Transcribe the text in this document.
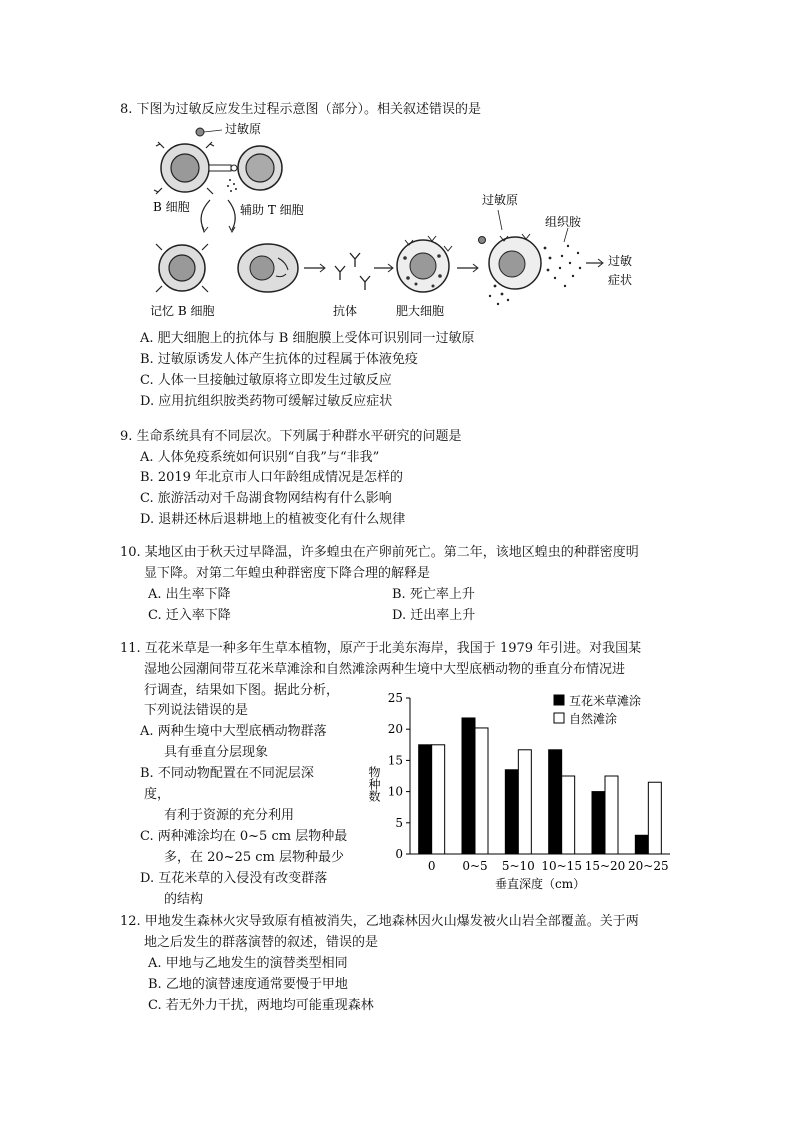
8. 下图为过敏反应发生过程示意图（部分）。相关叙述错误的是
过敏原
B 细胞	辅助 T 细胞
记忆 B 细胞	抗体	肥大细胞
过敏原
组织胺
过敏
症状
A. 肥大细胞上的抗体与 B 细胞膜上受体可识别同一过敏原
B. 过敏原诱发人体产生抗体的过程属于体液免疫
C. 人体一旦接触过敏原将立即发生过敏反应
D. 应用抗组织胺类药物可缓解过敏反应症状
9. 生命系统具有不同层次。下列属于种群水平研究的问题是
A. 人体免疫系统如何识别“自我”与“非我”
B. 2019 年北京市人口年龄组成情况是怎样的
C. 旅游活动对千岛湖食物网结构有什么影响
D. 退耕还林后退耕地上的植被变化有什么规律
10. 某地区由于秋天过早降温，许多蝗虫在产卵前死亡。第二年，该地区蝗虫的种群密度明
显下降。对第二年蝗虫种群密度下降合理的解释是
A. 出生率下降	B. 死亡率上升
C. 迁入率下降	D. 迁出率上升
11. 互花米草是一种多年生草本植物，原产于北美东海岸，我国于 1979 年引进。对我国某
湿地公园潮间带互花米草滩涂和自然滩涂两种生境中大型底栖动物的垂直分布情况进
行调查，结果如下图。据此分析，
下列说法错误的是
A. 两种生境中大型底栖动物群落
具有垂直分层现象
B. 不同动物配置在不同泥层深
度，
有利于资源的充分利用
C. 两种滩涂均在 0~5 cm 层物种最
多，在 20~25 cm 层物种最少
D. 互花米草的入侵没有改变群落
的结构
0
5
10
15
20
25
0 0~5 5~10 10~15 15~20 20~25
物种数
垂直深度（cm）
互花米草滩涂
自然滩涂
12. 甲地发生森林火灾导致原有植被消失，乙地森林因火山爆发被火山岩全部覆盖。关于两
地之后发生的群落演替的叙述，错误的是
A. 甲地与乙地发生的演替类型相同
B. 乙地的演替速度通常要慢于甲地
C. 若无外力干扰，两地均可能重现森林
